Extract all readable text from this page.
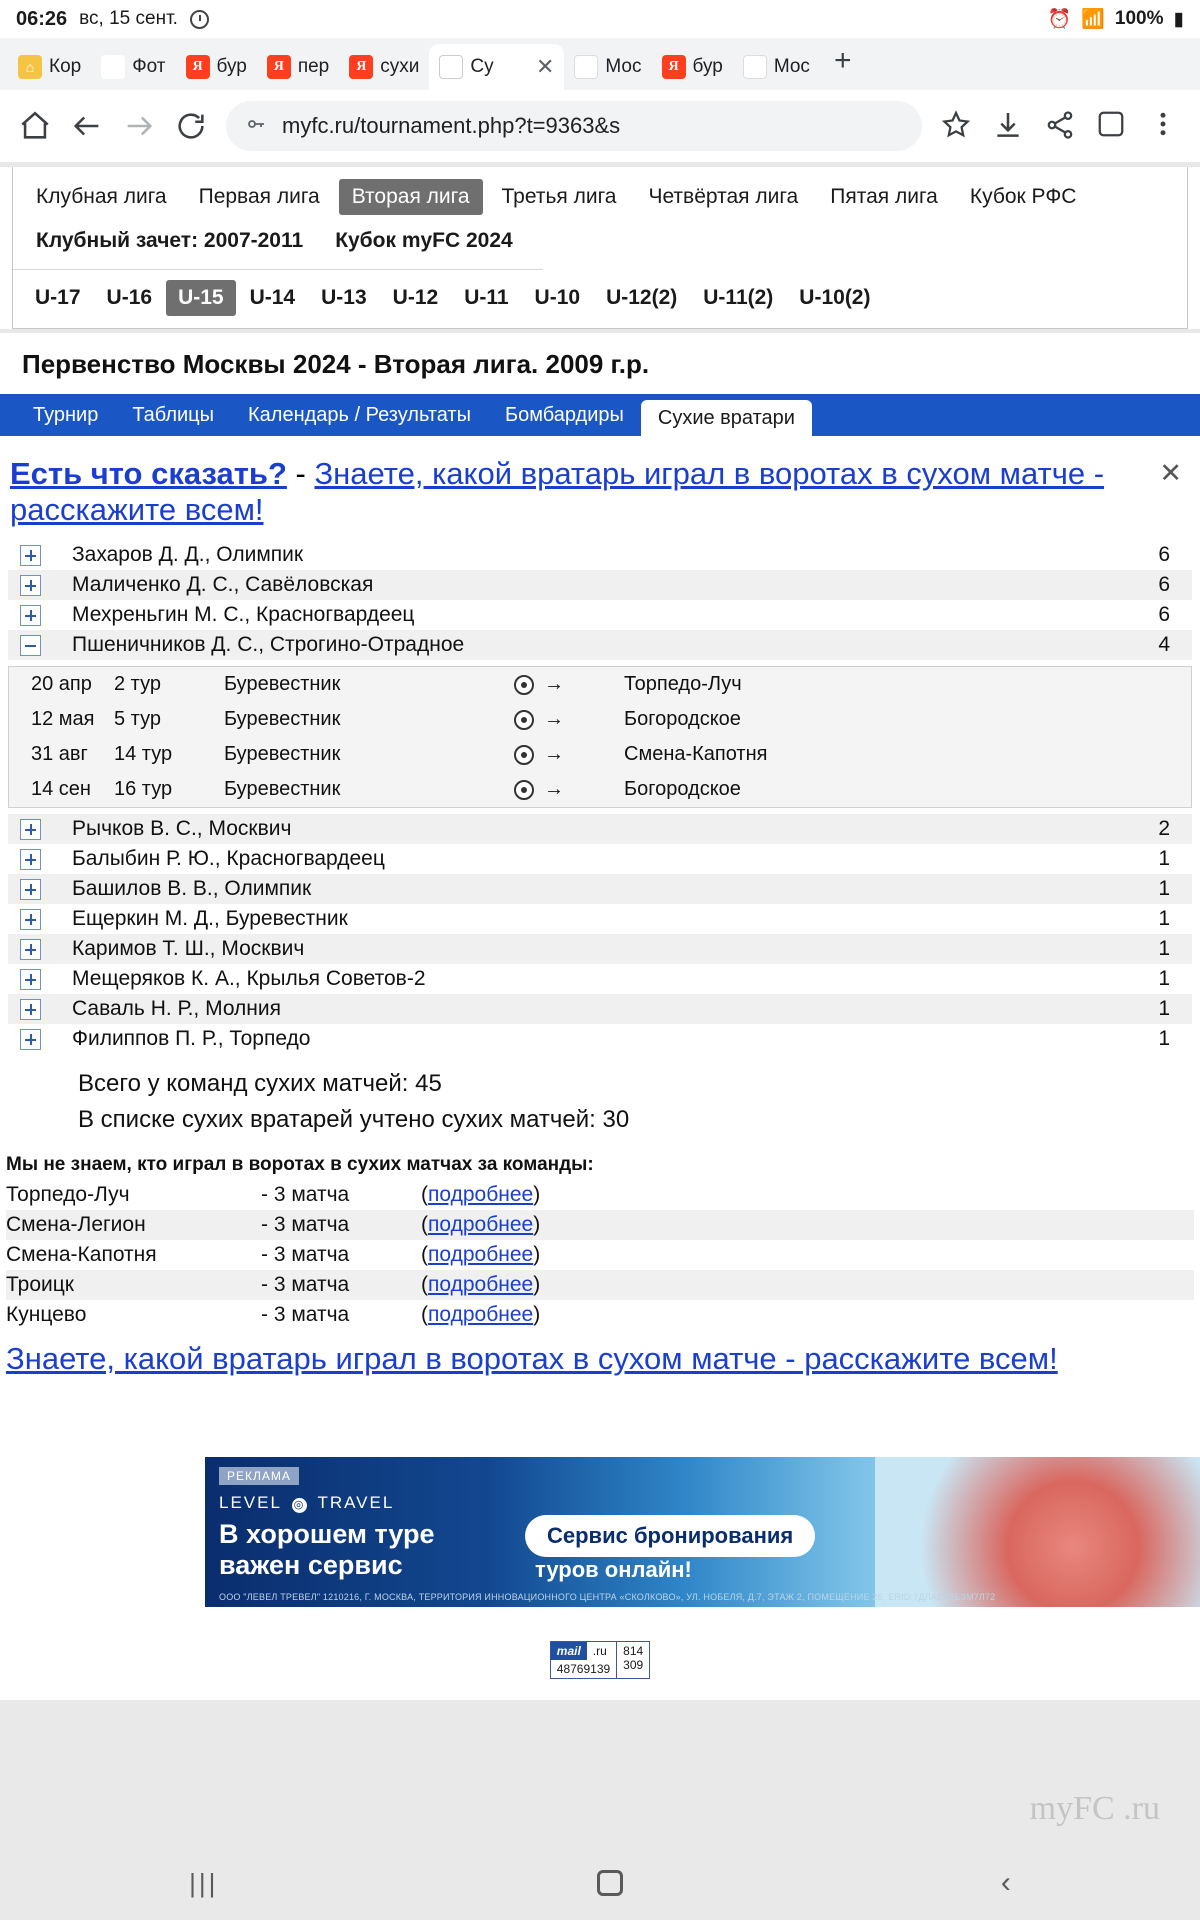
06:26 вс, 15 сент.	⏰ 📶 100% ▮
⌂ Кор	▲ Фот	Я бур	Я пер	Я сухи FC Су ✕ 🏛 Мос	Я бур 🏛 Мос +
myfc.ru/tournament.php?t=9363&s
Клубная лига	Первая лига	Вторая лига	Третья лига	Четвёртая лига	Пятая лига	Кубок РФС
Клубный зачет: 2007-2011	Кубок myFC 2024
U-17	U-16	U-15	U-14	U-13	U-12	U-11	U-10	U-12(2)	U-11(2)	U-10(2)
Первенство Москвы 2024 - Вторая лига. 2009 г.р.
Турнир	Таблицы	Календарь / Результаты	Бомбардиры	Сухие вратари
Есть что сказать? - Знаете, какой вратарь играл в воротах в сухом матче - расскажите всем!
✕
	Захаров Д. Д., Олимпик	6
	Маличенко Д. С., Савёловская	6
	Мехреньгин М. С., Красногвардеец	6
	Пшеничников Д. С., Строгино-Отрадное	4
20 апр	2 тур	Буревестник	→	Торпедо-Луч
12 мая	5 тур	Буревестник	→	Богородское
31 авг	14 тур	Буревестник	→	Смена-Капотня
14 сен	16 тур	Буревестник	→	Богородское
	Рычков В. С., Москвич	2
	Балыбин Р. Ю., Красногвардеец	1
	Башилов В. В., Олимпик	1
	Ещеркин М. Д., Буревестник	1
	Каримов Т. Ш., Москвич	1
	Мещеряков К. А., Крылья Советов-2	1
	Саваль Н. Р., Молния	1
	Филиппов П. Р., Торпедо	1
Всего у команд сухих матчей: 45
В списке сухих вратарей учтено сухих матчей: 30
Мы не знаем, кто играл в воротах в сухих матчах за команды:
Торпедо-Луч	- 3 матча	(подробнее)
Смена-Легион	- 3 матча	(подробнее)
Смена-Капотня	- 3 матча	(подробнее)
Троицк	- 3 матча	(подробнее)
Кунцево	- 3 матча	(подробнее)
Знаете, какой вратарь играл в воротах в сухом матче - расскажите всем!
РЕКЛАМА
LEVEL ◎ TRAVEL
В хорошем туре
важен сервис
Сервис бронирования
туров онлайн!
ООО "ЛЕВЕЛ ТРЕВЕЛ" 1210216, Г. МОСКВА, ТЕРРИТОРИЯ ИННОВАЦИОННОГО ЦЕНТРА «СКОЛКОВО», УЛ. НОБЕЛЯ, Д.7, ЭТАЖ 2, ПОМЕЩЕНИЕ 26, ERID:7ДЛА2УВБЗМ7Л72
mail	.ru
48769139
814
309
myFC .ru
|||	‹
